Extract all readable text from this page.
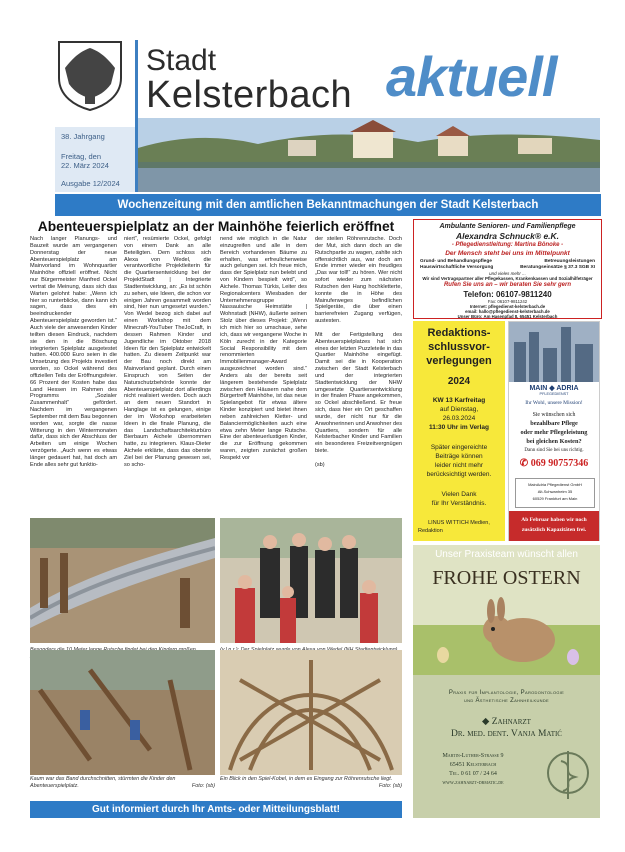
Stadt
Kelsterbach aktuell
38. Jahrgang
Freitag, den
22. März 2024
Ausgabe 12/2024
Wochenzeitung mit den amtlichen Bekanntmachungen der Stadt Kelsterbach
Abenteuerspielplatz an der Mainhöhe feierlich eröffnet
Nach langer Planungs- und Bauzeit wurde am vergangenen Donnerstag der neue Abenteuerspielplatz am Mainvorland im Wohnquartier Mainhöhe offiziell eröffnet. Nicht nur Bürgermeister Manfred Ockel vertrat die Meinung, dass sich das Warten gelohnt habe: „Wenn ich hier so runterblicke, dann kann ich sagen, dass dies ein beeindruckender Abenteuerspielplatz geworden ist.“ Auch viele der anwesenden Kinder teilten diesen Eindruck, nachdem sie den in die Böschung integrierten Spielplatz ausgetestet hatten. 400.000 Euro seien in die Umsetzung des Projekts investiert worden, so Ockel während des offiziellen Teils der Eröffnungsfeier. 66 Prozent der Kosten habe das Land Hessen im Rahmen des Programms „Sozialer Zusammenhalt“ gefördert. Nachdem im vergangenen September mit dem Bau begonnen worden war, sorgte die nasse Witterung in den Wintermonaten dafür, dass sich der Abschluss der Arbeiten um einige Wochen verzögerte. „Auch wenn es etwas länger gedauert hat, hat doch am Ende alles sehr gut funktio-
niert“, resümierte Ockel, gefolgt von einem Dank an alle Beteiligten. Dem schloss sich Alexa von Wedel, die verantwortliche Projektleiterin für die Quartiersentwicklung bei der ProjektStadt | Integrierte Stadtentwicklung, an: „Es ist schön zu sehen, wie Ideen, die schon vor einigen Jahren gesammelt worden sind, hier nun umgesetzt wurden.“ Von Wedel bezog sich dabei auf einen Workshop mit dem Minecraft-YouTuber TheJoCraft, in dessen Rahmen Kinder und Jugendliche im Oktober 2018 Ideen für den Spielplatz entwickelt hatten. Zu diesem Zeitpunkt war der Bau noch direkt am Mainvorland geplant. Durch einen Einspruch von Seiten der Naturschutzbehörde konnte der Abenteuerspielplatz dort allerdings nicht realisiert werden. Doch auch an dem neuen Standort in Hanglage ist es gelungen, einige der im Workshop erarbeiteten Ideen in die finale Planung, die das Landschaftsarchitekturbüro Bierbaum Aichele übernommen hatte, zu integrieren. Klaus-Dieter Aichele erklärte, dass das oberste Ziel bei der Planung gewesen sei, so scho-
nend wie möglich in die Natur einzugreifen und alle in dem Bereich vorhandenen Bäume zu erhalten, was erfreulicherweise auch gelungen sei. Ich freue mich, dass der Spielplatz nun belebt und von Kindern bespielt wird“, so Aichele. Thomas Türkis, Leiter des Regionalcenters Wiesbaden der Unternehmensgruppe Nassauische Heimstätte | Wohnstadt (NHW), äußerte seinen Stolz über dieses Projekt: „Wenn ich mich hier so umschaue, sehe ich, dass wir vergangene Woche in Köln zurecht in der Kategorie Social Responsibility mit dem renommierten Immobilienmanager-Award ausgezeichnet worden sind.“ Anders als der bereits seit längerem bestehende Spielplatz zwischen den Häusern nahe dem Bürgertreff Mainhöhe, ist das neue Spielangebot für etwas ältere Kinder konzipiert und bietet ihnen neben zahlreichen Kletter- und Balanciermöglichkeiten auch eine etwa zehn Meter lange Rutsche. Eine der abenteuerlustigen Kinder, die zur Eröffnung gekommen waren, zeigten zunächst großen Respekt vor
der steilen Röhrenrutsche. Doch der Mut, sich dann doch an die Rutschpartie zu wagen, zahlte sich offensichtlich aus, war doch am Ende immer wieder ein freudiges „Das war toll!“ zu hören. Wer nicht sofort wieder zum nächsten Rutschen den Hang hochkletterte, konnte die in Höhe des Mainuferweges befindlichen Spielgeräte, die über einen barrierefreien Zugang verfügen, austesten.

Mit der Fertigstellung des Abenteuerspielplatzes hat sich eines der letzten Puzzleteile in das Quartier Mainhöhe eingefügt. Damit sei die in Kooperation zwischen der Stadt Kelsterbach und der integrierten Stadtentwicklung der NHW umgesetzte Quartiersentwicklung in der finalen Phase angekommen, so Ockel abschließend. Er freue sich, dass hier ein Ort geschaffen wurde, der nicht nur für die Anwohnerinnen und Anwohner des Quartiers, sondern für alle Kelsterbacher Kinder und Familien ein besonderes Freizeitvergnügen biete.

(sb)
Kaum war das Band durchschnitten, stürmten die Kinder den Abenteuerspielplatz.	Foto: (sb)
Ein Blick in den Spiel-Kobel, in dem es Eingang zur Röhrenrutsche liegt.
Foto: (sb)
Gut informiert durch Ihr Amts- oder Mitteilungsblatt!
Ambulante Senioren- und Familienpflege
Alexandra Schnuck® e.K.
- Pflegedienstleitung: Martina Bönoke -
Der Mensch steht bei uns im Mittelpunkt
Grund- und Behandlungspflege	Betreuungsleistungen
Hauswirtschaftliche Versorgung	Beratungseinsätze § 37.3 SGB XI
und vieles mehr ...
Wir sind Vertragspartner aller Pflegekassen, Krankenkassen und Sozialhilfeträger
Rufen Sie uns an – wir beraten Sie sehr gern
Telefon: 06107-9811240
Fax: 06107-9811242
Internet: pflegedienst-kelsterbach.de
email: hallo@pflegedienst-kelsterbach.de
Unser Büro: Am Hasenpfad 8, 65451 Kelsterbach
Redaktions-
schlussvor-
verlegungen
2024
KW 13 Karfreitag
auf Dienstag,
26.03.2024
11:30 Uhr im Verlag
Später eingereichte
Beiträge können
leider nicht mehr
berücksichtigt werden.
Vielen Dank
für Ihr Verständnis.
LINUS WITTICH Medien,
Redaktion
MAIN ◆ ADRIA
PFLEGEDIENST
Ihr Wohl, unsere Mission!
Sie wünschen sich
bezahlbare Pflege
oder mehr Pflegeleistung
bei gleichen Kosten?
Dann sind Sie bei uns richtig.
✆ 069 90757346
MainAdria Pflegedienst GmbH
Alt-Schwanheim 35
60529 Frankfurt am Main
Ab Februar haben wir noch
zusätzlich Kapazitäten frei.
Unser Praxisteam wünscht allen
FROHE OSTERN
Praxis für Implantologie, Parodontologie
und Ästhetische Zahnheilkunde
◆ Zahnarzt
Dr. med. dent. Vanja Matić
Martin-Luther-Strasse 9
65451 Kelsterbach
Tel. 0 61 07 / 24 64
www.zahnarzt-drmatic.de
